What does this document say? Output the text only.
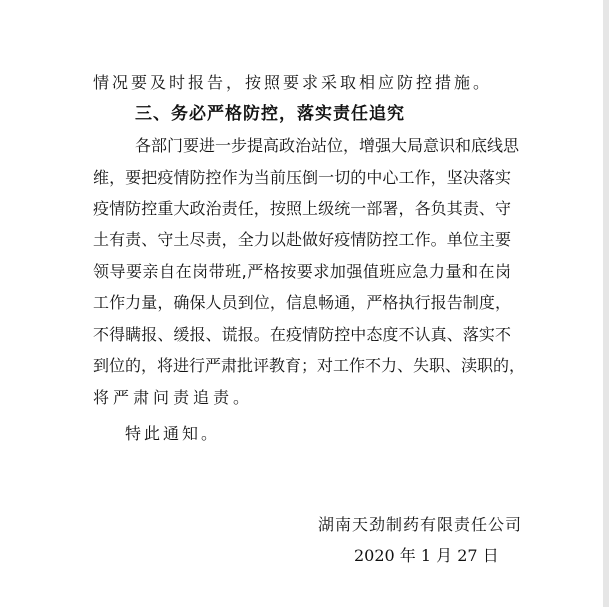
情况要及时报告，按照要求采取相应防控措施。
三、务必严格防控，落实责任追究
各部门要进一步提高政治站位，增强大局意识和底线思
维，要把疫情防控作为当前压倒一切的中心工作，坚决落实
疫情防控重大政治责任，按照上级统一部署，各负其责、守
土有责、守土尽责，全力以赴做好疫情防控工作。单位主要
领导要亲自在岗带班,严格按要求加强值班应急力量和在岗
工作力量，确保人员到位，信息畅通，严格执行报告制度，
不得瞒报、缓报、谎报。在疫情防控中态度不认真、落实不
到位的，将进行严肃批评教育；对工作不力、失职、渎职的，
将严肃问责追责。
特此通知。
湖南天劲制药有限责任公司
2020 年 1 月 27 日
